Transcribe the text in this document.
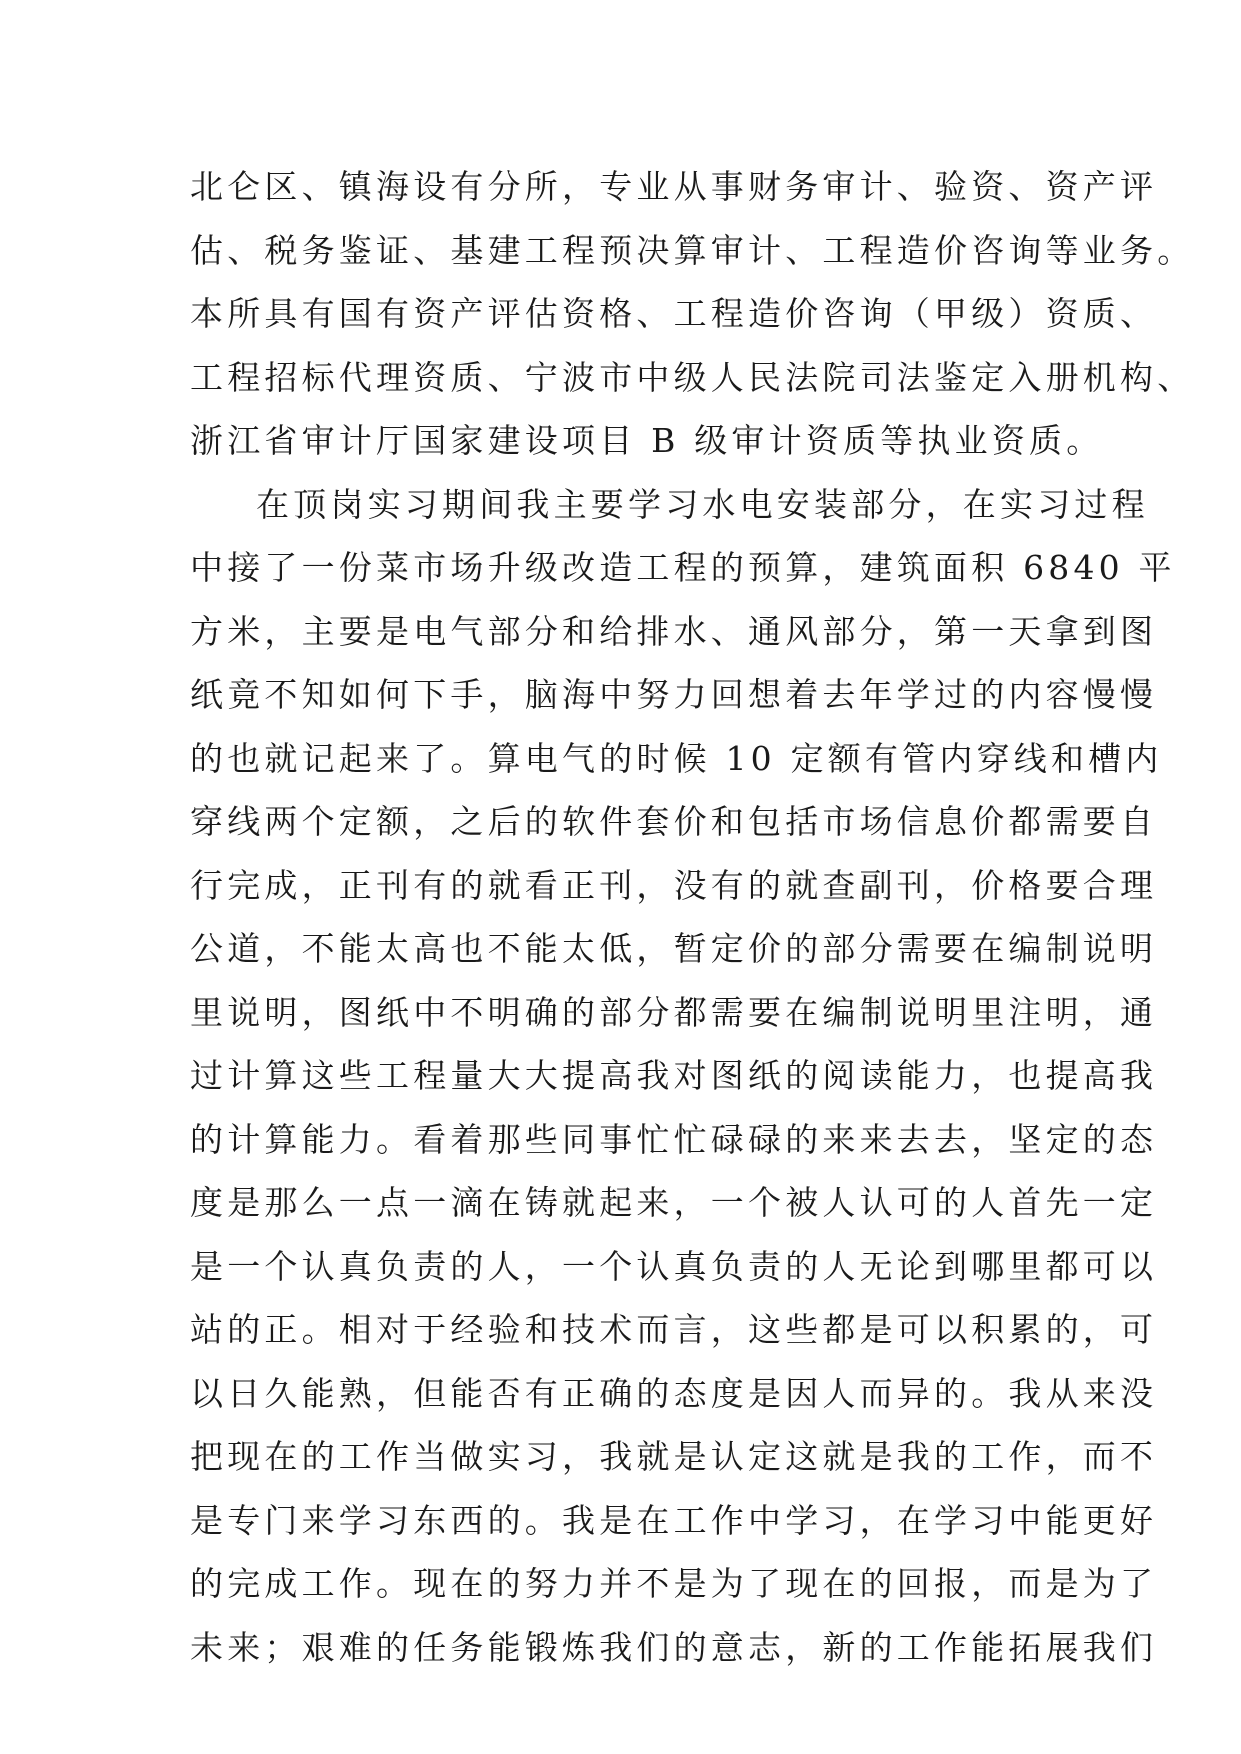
北仑区、镇海设有分所，专业从事财务审计、验资、资产评
估、税务鉴证、基建工程预决算审计、工程造价咨询等业务。
本所具有国有资产评估资格、工程造价咨询（甲级）资质、
工程招标代理资质、宁波市中级人民法院司法鉴定入册机构、
浙江省审计厅国家建设项目 B 级审计资质等执业资质。
在顶岗实习期间我主要学习水电安装部分，在实习过程
中接了一份菜市场升级改造工程的预算，建筑面积 6840 平
方米，主要是电气部分和给排水、通风部分，第一天拿到图
纸竟不知如何下手，脑海中努力回想着去年学过的内容慢慢
的也就记起来了。算电气的时候 10 定额有管内穿线和槽内
穿线两个定额，之后的软件套价和包括市场信息价都需要自
行完成，正刊有的就看正刊，没有的就查副刊，价格要合理
公道，不能太高也不能太低，暂定价的部分需要在编制说明
里说明，图纸中不明确的部分都需要在编制说明里注明，通
过计算这些工程量大大提高我对图纸的阅读能力，也提高我
的计算能力。看着那些同事忙忙碌碌的来来去去，坚定的态
度是那么一点一滴在铸就起来，一个被人认可的人首先一定
是一个认真负责的人，一个认真负责的人无论到哪里都可以
站的正。相对于经验和技术而言，这些都是可以积累的，可
以日久能熟，但能否有正确的态度是因人而异的。我从来没
把现在的工作当做实习，我就是认定这就是我的工作，而不
是专门来学习东西的。我是在工作中学习，在学习中能更好
的完成工作。现在的努力并不是为了现在的回报，而是为了
未来；艰难的任务能锻炼我们的意志，新的工作能拓展我们
